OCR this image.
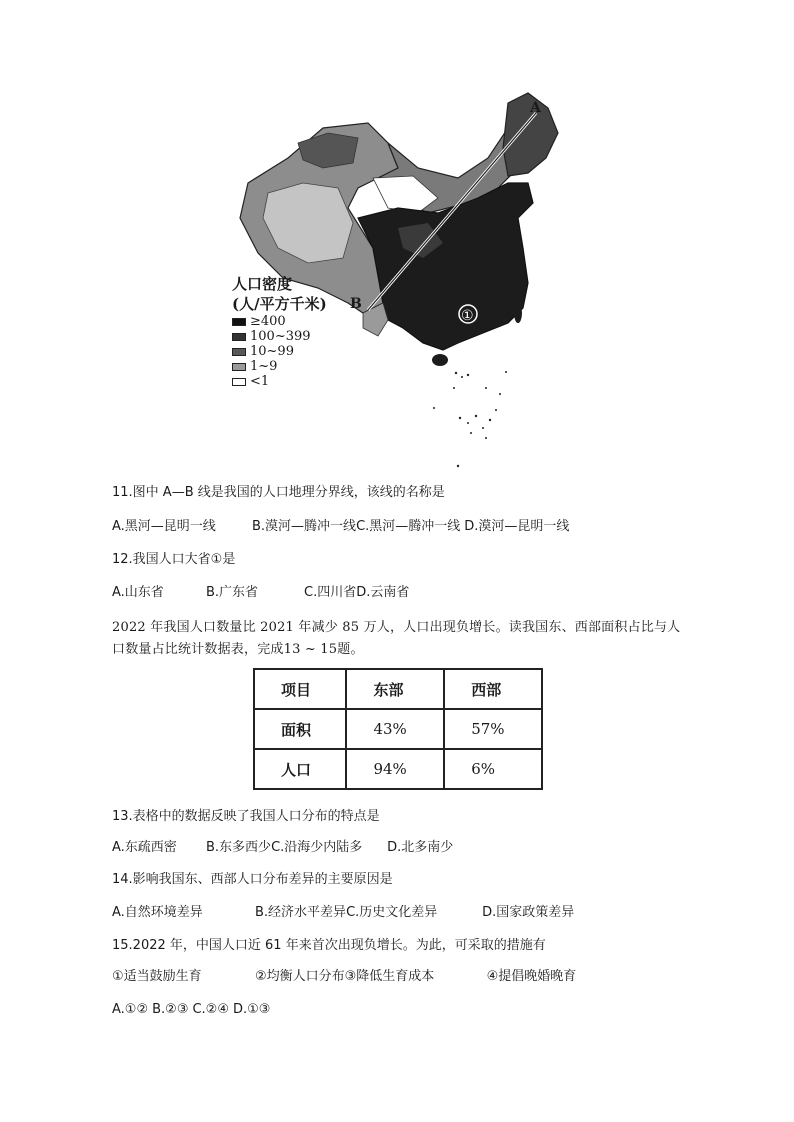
①
A
B
人口密度
(人/平方千米)
≥400
100~399
10~99
1~9
<1
11.图中 A—B 线是我国的人口地理分界线，该线的名称是
A.黑河—昆明一线	B.漠河—腾冲一线C.黑河—腾冲一线 D.漠河—昆明一线
12.我国人口大省①是
A.山东省	B.广东省	C.四川省D.云南省
2022 年我国人口数量比 2021 年减少 85 万人，人口出现负增长。读我国东、西部面积占比与人口数量占比统计数据表，完成13 ~ 15题。
项目	东部	西部
面积	43%	57%
人口	94%	6%
13.表格中的数据反映了我国人口分布的特点是
A.东疏西密 B.东多西少C.沿海少内陆多 D.北多南少
14.影响我国东、西部人口分布差异的主要原因是
A.自然环境差异	B.经济水平差异C.历史文化差异	D.国家政策差异
15.2022 年，中国人口近 61 年来首次出现负增长。为此，可采取的措施有
①适当鼓励生育	②均衡人口分布③降低生育成本	④提倡晚婚晚育
A.①② B.②③ C.②④ D.①③
